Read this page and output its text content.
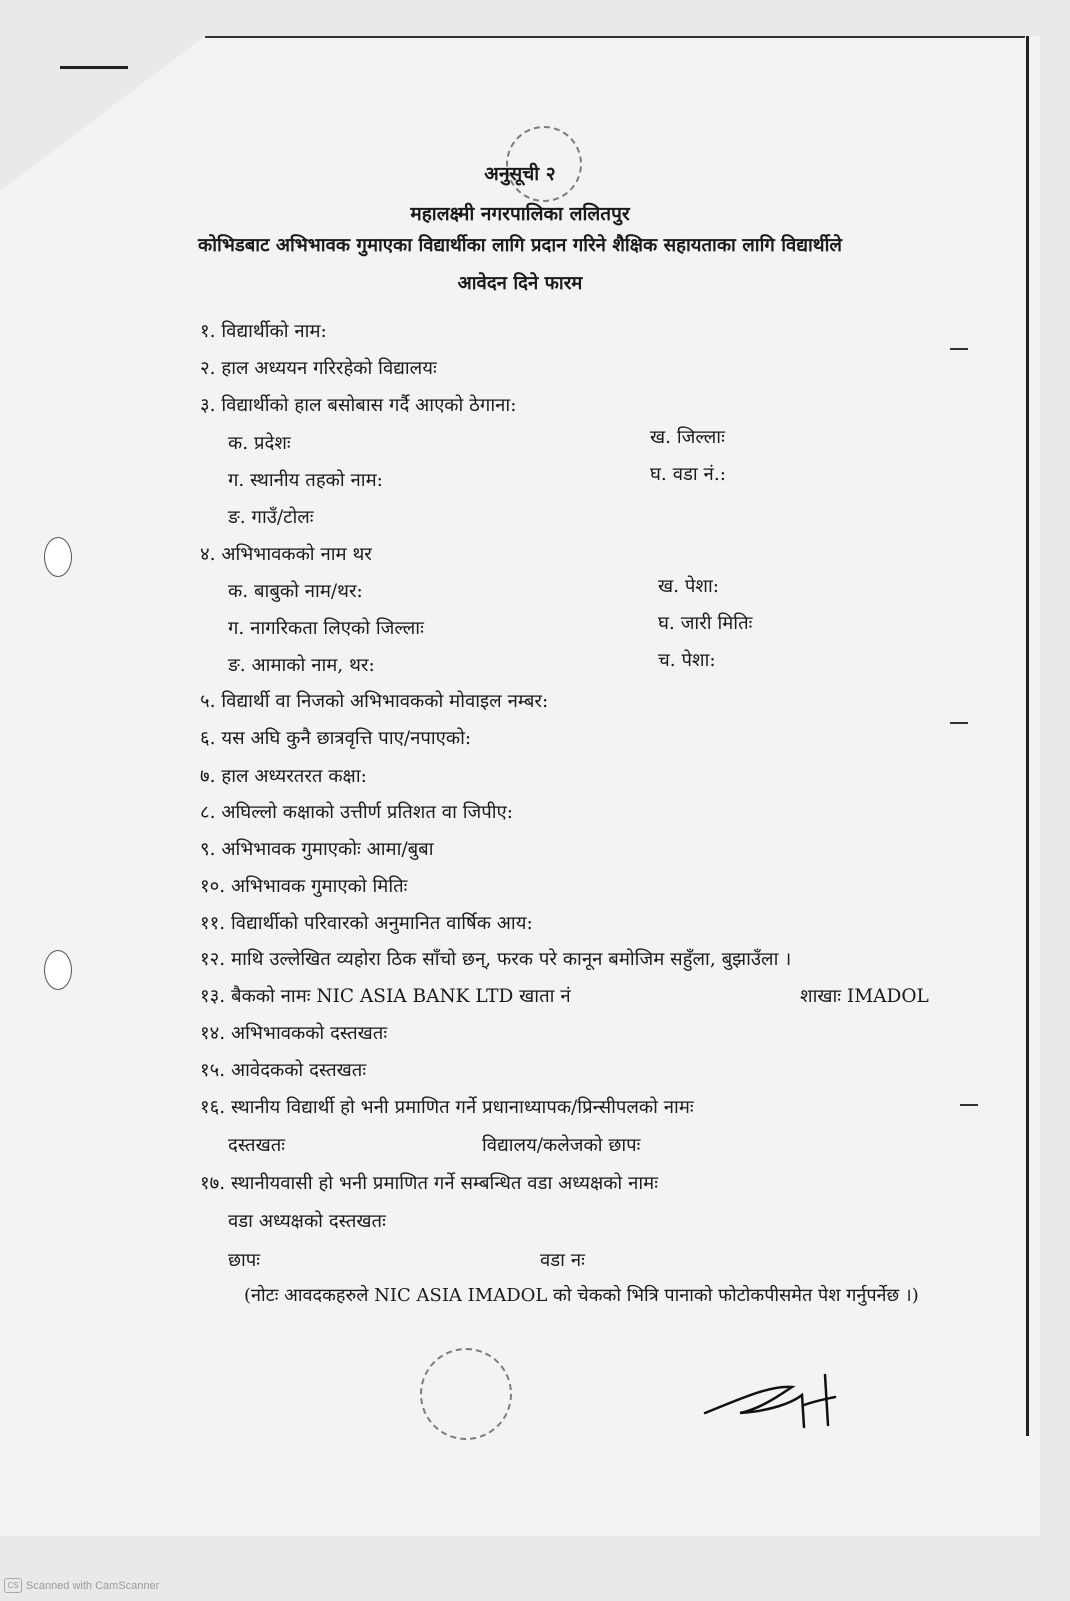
अनुसूची २
महालक्ष्मी नगरपालिका ललितपुर
कोभिडबाट अभिभावक गुमाएका विद्यार्थीका लागि प्रदान गरिने शैक्षिक सहायताका लागि विद्यार्थीले
आवेदन दिने फारम
१. विद्यार्थीको नाम:
२. हाल अध्ययन गरिरहेको विद्यालयः
३. विद्यार्थीको हाल बसोबास गर्दै आएको ठेगाना:
क. प्रदेशः	ख. जिल्लाः
ग. स्थानीय तहको नाम:	घ. वडा नं.:
ङ. गाउँ/टोलः
४. अभिभावकको नाम थर
क. बाबुको नाम/थर:	ख. पेशा:
ग. नागरिकता लिएको जिल्लाः	घ. जारी मितिः
ङ. आमाको नाम, थर:	च. पेशा:
५. विद्यार्थी वा निजको अभिभावकको मोवाइल नम्बर:
६. यस अघि कुनै छात्रवृत्ति पाए/नपाएको:
७. हाल अध्यरतरत कक्षा:
८. अघिल्लो कक्षाको उत्तीर्ण प्रतिशत वा जिपीए:
९. अभिभावक गुमाएकोः आमा/बुबा
१०. अभिभावक गुमाएको मितिः
११. विद्यार्थीको परिवारको अनुमानित वार्षिक आय:
१२. माथि उल्लेखित व्यहोरा ठिक साँचो छन्, फरक परे कानून बमोजिम सहुँला, बुझाउँला ।
१३. बैकको नामः NIC ASIA BANK LTD खाता नं	शाखाः IMADOL
१४. अभिभावकको दस्तखतः
१५. आवेदकको दस्तखतः
१६. स्थानीय विद्यार्थी हो भनी प्रमाणित गर्ने प्रधानाध्यापक/प्रिन्सीपलको नामः
दस्तखतः	विद्यालय/कलेजको छापः
१७. स्थानीयवासी हो भनी प्रमाणित गर्ने सम्बन्धित वडा अध्यक्षको नामः
वडा अध्यक्षको दस्तखतः
छापः	वडा नः
(नोटः आवदकहरुले NIC ASIA IMADOL को चेकको भित्रि पानाको फोटोकपीसमेत पेश गर्नुपर्नेछ ।)
CS Scanned with CamScanner
